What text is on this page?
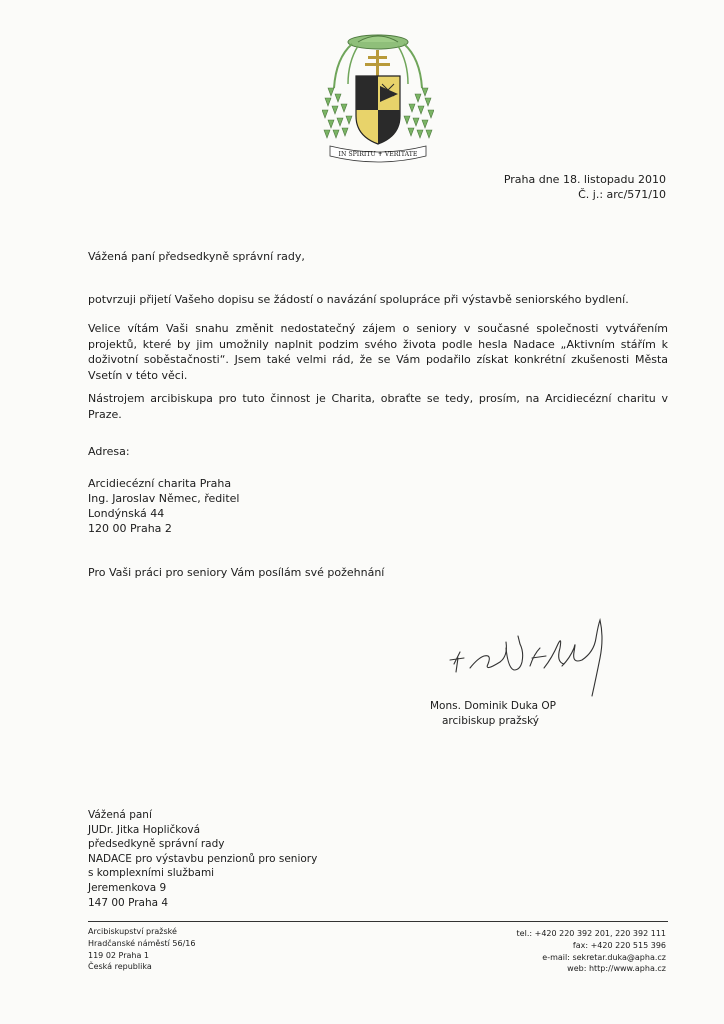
IN SPIRITU ✝ VERITATE
Praha dne 18. listopadu 2010
Č. j.: arc/571/10
Vážená paní předsedkyně správní rady,
potvrzuji přijetí Vašeho dopisu se žádostí o navázání spolupráce při výstavbě seniorského bydlení.
Velice vítám Vaši snahu změnit nedostatečný zájem o seniory v současné společnosti vytvářením projektů, které by jim umožnily naplnit podzim svého života podle hesla Nadace „Aktivním stářím k doživotní soběstačnosti“. Jsem také velmi rád, že se Vám podařilo získat konkrétní zkušenosti Města Vsetín v této věci.
Nástrojem arcibiskupa pro tuto činnost je Charita, obraťte se tedy, prosím, na Arcidiecézní charitu v Praze.
Adresa:
Arcidiecézní charita Praha
Ing. Jaroslav Němec, ředitel
Londýnská 44
120 00 Praha 2
Pro Vaši práci pro seniory Vám posílám své požehnání
Mons. Dominik Duka OP
arcibiskup pražský
Vážená paní
JUDr. Jitka Hopličková
předsedkyně správní rady
NADACE pro výstavbu penzionů pro seniory
s komplexními službami
Jeremenkova 9
147 00 Praha 4
Arcibiskupství pražské
Hradčanské náměstí 56/16
119 02 Praha 1
Česká republika
tel.: +420 220 392 201, 220 392 111
fax: +420 220 515 396
e-mail: sekretar.duka@apha.cz
web: http://www.apha.cz
